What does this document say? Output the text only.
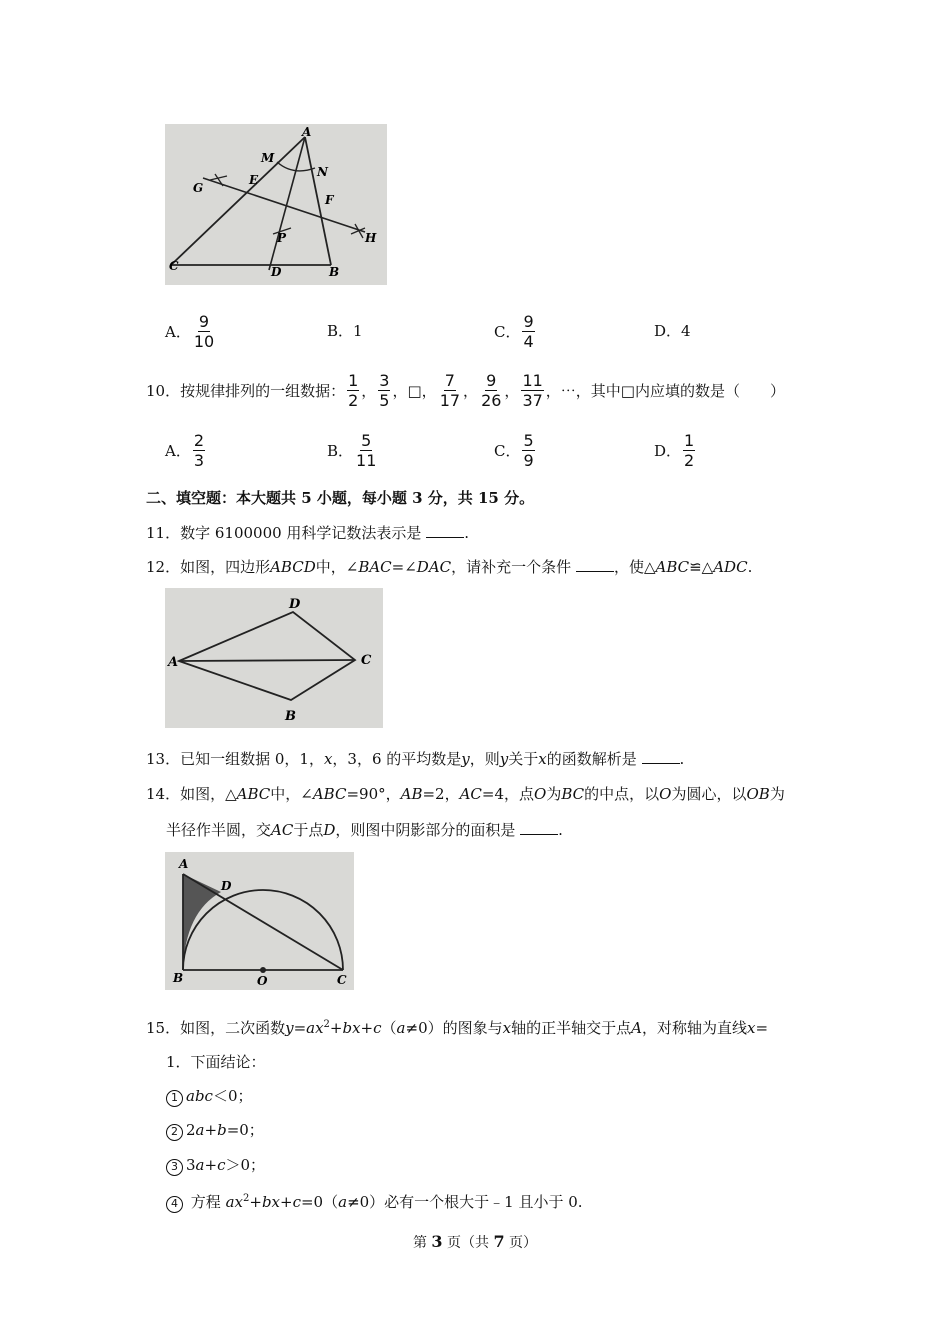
A
M
N
G
E
F
P	H
C	D	B
A． $\frac{9}{10}$	B． 1	C． $\frac{9}{4}$	D． 4
10．按规律排列的一组数据： $\frac{1}{2}$ ， $\frac{3}{5}$ ， □， $\frac{7}{17}$ ， $\frac{9}{26}$ ， $\frac{11}{37}$ ，⋯，其中□内应填的数是（　　）
A． $\frac{2}{3}$	B． $\frac{5}{11}$	C． $\frac{5}{9}$	D． $\frac{1}{2}$
二、填空题：本大题共 5 小题，每小题 3 分，共 15 分。
11．数字 6100000 用科学记数法表示是	.
12．如图，四边形ABCD中，∠BAC=∠DAC，请补充一个条件	，使△ABC≌△ADC.
D
A	C
B
13．已知一组数据 0，1，x，3，6 的平均数是y，则y关于x的函数解析是	.
14．如图，△ABC中，∠ABC=90°，AB=2，AC=4，点O为BC的中点，以O为圆心，以OB为
半径作半圆，交AC于点D，则图中阴影部分的面积是	.
A
D
B	O	C
15．如图，二次函数$y=ax^2+bx+c(a\ne 0)$的图象与x轴的正半轴交于点A，对称轴为直线x=
1．下面结论：
1 abc＜0；
2 2a+b=0；
3 3a+c＞0；
4 方程 $ax^2+bx+c=0(a\ne 0)$必有一个根大于﹣1 且小于 0.
第 3 页（共 7 页）
